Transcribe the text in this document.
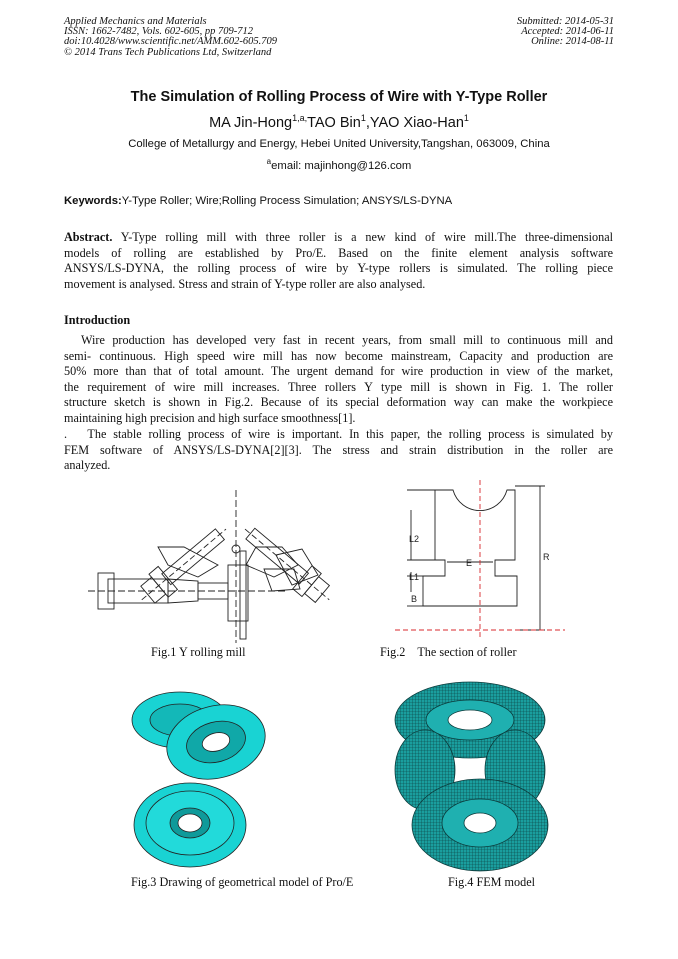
Applied Mechanics and Materials
ISSN: 1662-7482, Vols. 602-605, pp 709-712
doi:10.4028/www.scientific.net/AMM.602-605.709
© 2014 Trans Tech Publications Ltd, Switzerland
Submitted: 2014-05-31
Accepted: 2014-06-11
Online: 2014-08-11
The Simulation of Rolling Process of Wire with Y-Type Roller
MA Jin-Hong$^{1,a,}$TAO Bin$^1$,YAO Xiao-Han$^1$
College of Metallurgy and Energy, Hebei United University,Tangshan, 063009, China
$^a$email: majinhong@126.com
Keywords:Y-Type Roller; Wire;Rolling Process Simulation; ANSYS/LS-DYNA
Abstract. Y-Type rolling mill with three roller is a new kind of wire mill.The three-dimensional
models of rolling are established by Pro/E. Based on the finite element analysis software
ANSYS/LS-DYNA, the rolling process of wire by Y-type rollers is simulated. The rolling piece
movement is analysed. Stress and strain of Y-type roller are also analysed.
Introduction
Wire production has developed very fast in recent years, from small mill to continuous mill and
semi- continuous. High speed wire mill has now become mainstream, Capacity and production are
50% more than that of total amount. The urgent demand for wire production in view of the market,
the requirement of wire mill increases. Three rollers Y type mill is shown in Fig. 1. The roller
structure sketch is shown in Fig.2. Because of its special deformation way can make the workpiece
maintaining high precision and high surface smoothness[1].
.   The stable rolling process of wire is important. In this paper, the rolling process is simulated by
FEM software of ANSYS/LS-DYNA[2][3]. The stress and strain distribution in the roller are
analyzed.
L2
L1
B
E
R
Fig.1 Y rolling mill	Fig.2    The section of roller
Fig.3 Drawing of geometrical model of Pro/E	Fig.4 FEM model
